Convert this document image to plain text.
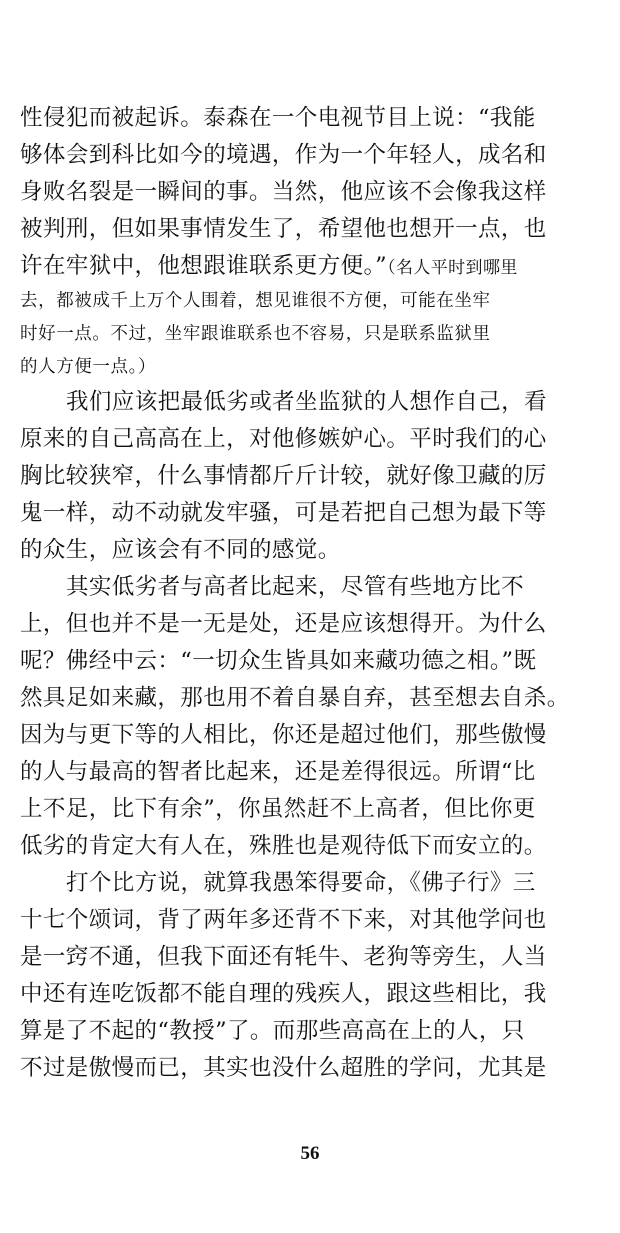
性侵犯而被起诉。泰森在一个电视节目上说：“我能
够体会到科比如今的境遇，作为一个年轻人，成名和
身败名裂是一瞬间的事。当然，他应该不会像我这样
被判刑，但如果事情发生了，希望他也想开一点，也
许在牢狱中，他想跟谁联系更方便。”（名人平时到哪里
去，都被成千上万个人围着，想见谁很不方便，可能在坐牢
时好一点。不过，坐牢跟谁联系也不容易，只是联系监狱里
的人方便一点。）
我们应该把最低劣或者坐监狱的人想作自己，看
原来的自己高高在上，对他修嫉妒心。平时我们的心
胸比较狭窄，什么事情都斤斤计较，就好像卫藏的厉
鬼一样，动不动就发牢骚，可是若把自己想为最下等
的众生，应该会有不同的感觉。
其实低劣者与高者比起来，尽管有些地方比不
上，但也并不是一无是处，还是应该想得开。为什么
呢？佛经中云：“一切众生皆具如来藏功德之相。”既
然具足如来藏，那也用不着自暴自弃，甚至想去自杀。
因为与更下等的人相比，你还是超过他们，那些傲慢
的人与最高的智者比起来，还是差得很远。所谓“比
上不足，比下有余”，你虽然赶不上高者，但比你更
低劣的肯定大有人在，殊胜也是观待低下而安立的。
打个比方说，就算我愚笨得要命，《佛子行》三
十七个颂词，背了两年多还背不下来，对其他学问也
是一窍不通，但我下面还有牦牛、老狗等旁生，人当
中还有连吃饭都不能自理的残疾人，跟这些相比，我
算是了不起的“教授”了。而那些高高在上的人，只
不过是傲慢而已，其实也没什么超胜的学问，尤其是
56
